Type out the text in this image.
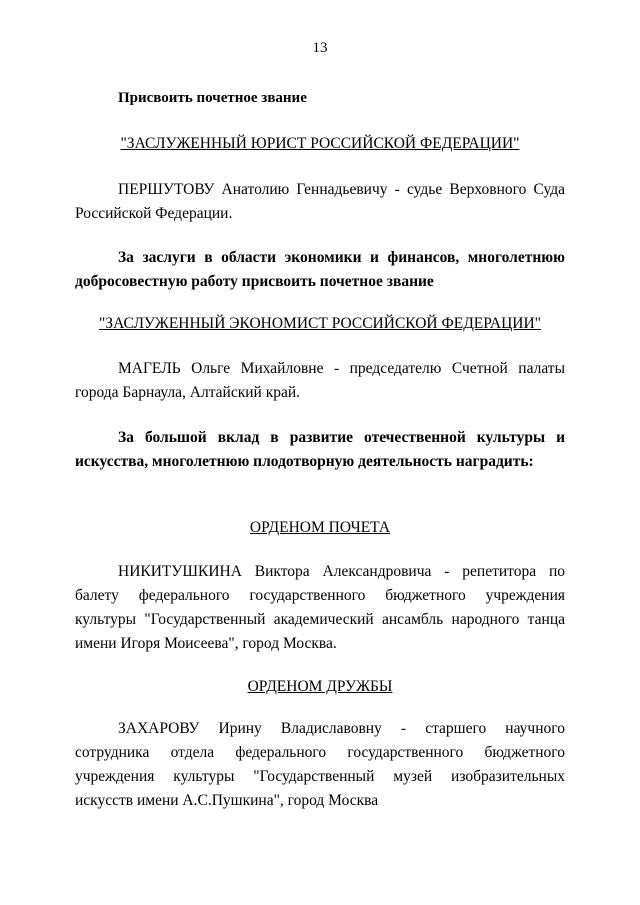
13
Присвоить почетное звание
"ЗАСЛУЖЕННЫЙ ЮРИСТ РОССИЙСКОЙ ФЕДЕРАЦИИ"
ПЕРШУТОВУ Анатолию Геннадьевичу - судье Верховного Суда Российской Федерации.
За заслуги в области экономики и финансов, многолетнюю добросовестную работу присвоить почетное звание
"ЗАСЛУЖЕННЫЙ ЭКОНОМИСТ РОССИЙСКОЙ ФЕДЕРАЦИИ"
МАГЕЛЬ Ольге Михайловне - председателю Счетной палаты города Барнаула, Алтайский край.
За большой вклад в развитие отечественной культуры и искусства, многолетнюю плодотворную деятельность наградить:
ОРДЕНОМ ПОЧЕТА
НИКИТУШКИНА Виктора Александровича - репетитора по балету федерального государственного бюджетного учреждения культуры "Государственный академический ансамбль народного танца имени Игоря Моисеева", город Москва.
ОРДЕНОМ ДРУЖБЫ
ЗАХАРОВУ Ирину Владиславовну - старшего научного сотрудника отдела федерального государственного бюджетного учреждения культуры "Государственный музей изобразительных искусств имени А.С.Пушкина", город Москва
